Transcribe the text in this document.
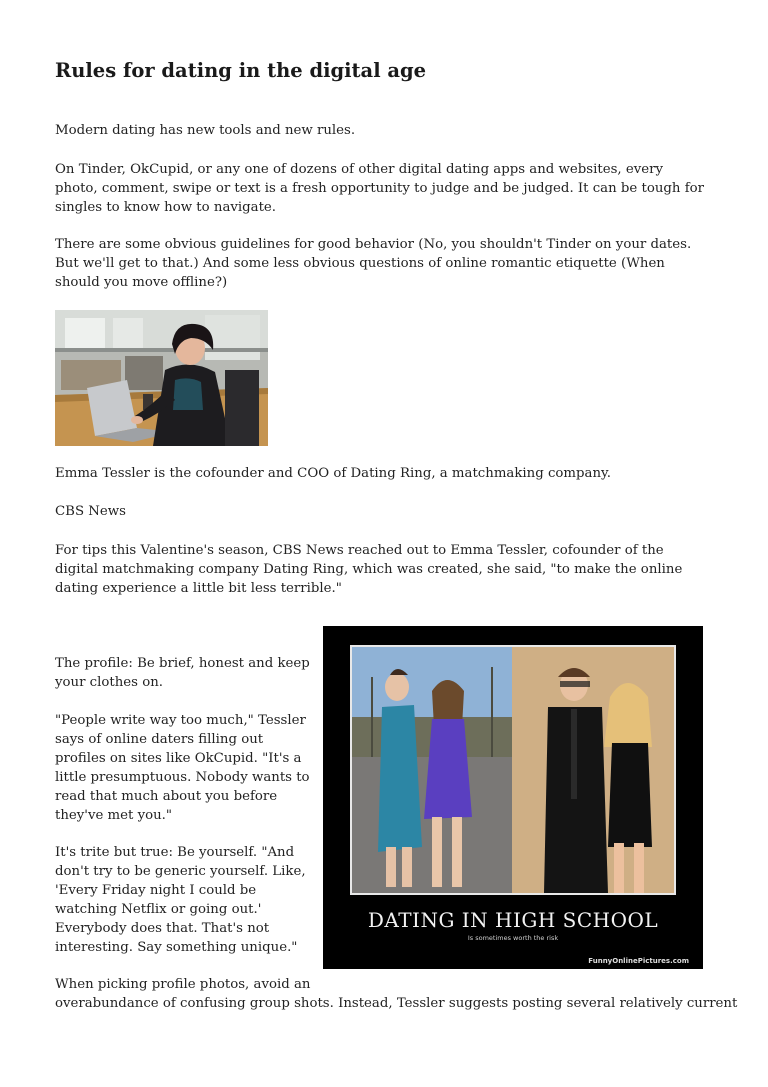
Rules for dating in the digital age

Modern dating has new tools and new rules.

On Tinder, OkCupid, or any one of dozens of other digital dating apps and websites, every photo, comment, swipe or text is a fresh opportunity to judge and be judged. It can be tough for singles to know how to navigate.

There are some obvious guidelines for good behavior (No, you shouldn't Tinder on your dates. But we'll get to that.) And some less obvious questions of online romantic etiquette (When should you move offline?)

Emma Tessler is the cofounder and COO of Dating Ring, a matchmaking company.

CBS News

For tips this Valentine's season, CBS News reached out to Emma Tessler, cofounder of the digital matchmaking company Dating Ring, which was created, she said, "to make the online dating experience a little bit less terrible."

The profile: Be brief, honest and keep your clothes on.

"People write way too much," Tessler says of online daters filling out profiles on sites like OkCupid. "It's a little presumptuous. Nobody wants to read that much about you before they've met you."

It's trite but true: Be yourself. "And don't try to be generic yourself. Like, 'Every Friday night I could be watching Netflix or going out.' Everybody does that. That's not interesting. Say something unique."

When picking profile photos, avoid an

overabundance of confusing group shots. Instead, Tessler suggests posting several relatively current

DATING IN HIGH SCHOOL
Is sometimes worth the risk
FunnyOnlinePictures.com
